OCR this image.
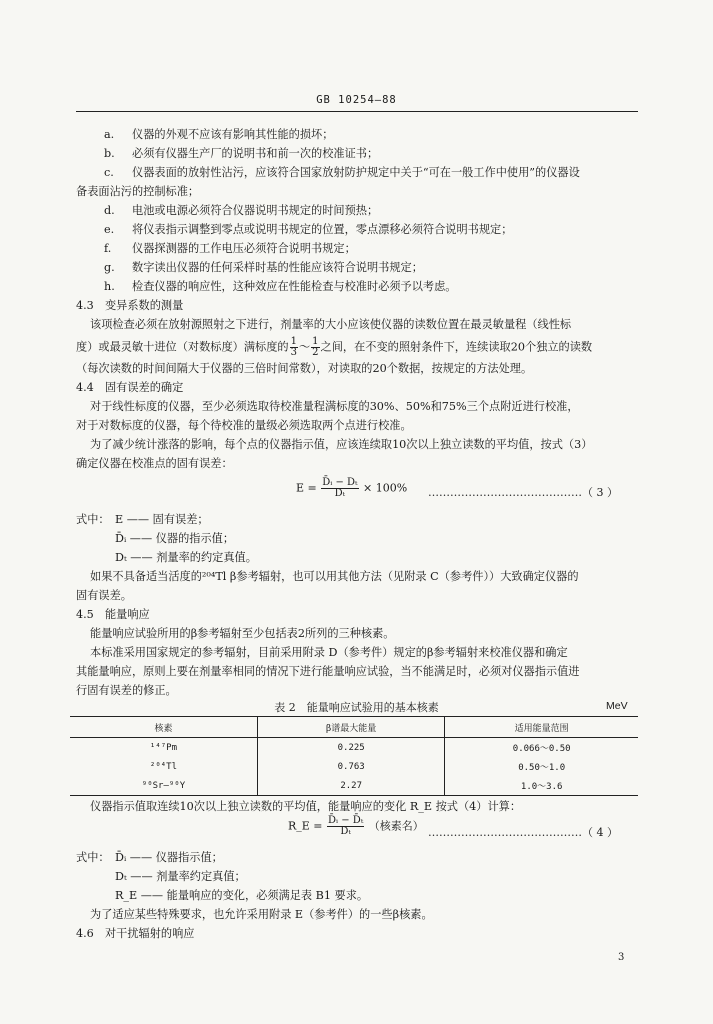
GB 10254—88
a. 仪器的外观不应该有影响其性能的损坏；
b. 必须有仪器生产厂的说明书和前一次的校准证书；
c. 仪器表面的放射性沾污，应该符合国家放射防护规定中关于“可在一般工作中使用”的仪器设
备表面沾污的控制标准；
d. 电池或电源必须符合仪器说明书规定的时间预热；
e. 将仪表指示调整到零点或说明书规定的位置，零点漂移必须符合说明书规定；
f. 仪器探测器的工作电压必须符合说明书规定；
g. 数字读出仪器的任何采样时基的性能应该符合说明书规定；
h. 检查仪器的响应性，这种效应在性能检查与校准时必须予以考虑。
4.3　变异系数的测量
该项检查必须在放射源照射之下进行，剂量率的大小应该使仪器的读数位置在最灵敏量程（线性标
度）或最灵敏十进位（对数标度）满标度的 $\frac{1}{3}$ ～ $\frac{1}{2}$ 之间，在不变的照射条件下，连续读取20个独立的读数
（每次读数的时间间隔大于仪器的三倍时间常数），对读取的20个数据，按规定的方法处理。
4.4　固有误差的确定
对于线性标度的仪器，至少必须选取待校准量程满标度的30%、50%和75%三个点附近进行校准，
对于对数标度的仪器，每个待校准的量级必须选取两个点进行校准。
为了减少统计涨落的影响，每个点的仪器指示值，应该连续取10次以上独立读数的平均值，按式（3）
确定仪器在校准点的固有误差：
$E = \frac{\text{D̄ᵢ − Dₜ}}{\text{Dₜ}} \times 100\%$ ……………………………………（ 3 ）
式中： E —— 固有误差；
D̄ᵢ —— 仪器的指示值；
Dₜ —— 剂量率的约定真值。
如果不具备适当活度的²⁰⁴Tl β参考辐射，也可以用其他方法（见附录 C（参考件））大致确定仪器的
固有误差。
4.5　能量响应
能量响应试验所用的β参考辐射至少包括表2所列的三种核素。
本标准采用国家规定的参考辐射，目前采用附录 D（参考件）规定的β参考辐射来校准仪器和确定
其能量响应，原则上要在剂量率相同的情况下进行能量响应试验，当不能满足时，必须对仪器指示值进
行固有误差的修正。
表 2　能量响应试验用的基本核素	MeV
核素	β谱最大能量	适用能量范围
¹⁴⁷Pm	0.225	0.066～0.50
²⁰⁴Tl	0.763	0.50～1.0
⁹⁰Sr—⁹⁰Y	2.27	1.0～3.6
仪器指示值取连续10次以上独立读数的平均值，能量响应的变化 R_E 按式（4）计算：
R_E = $\frac{\text{D̄ᵢ − D̄ₜ}}{\text{Dₜ}}$ （核素名） ……………………………………（ 4 ）
式中： D̄ᵢ —— 仪器指示值；
Dₜ —— 剂量率约定真值；
R_E —— 能量响应的变化，必须满足表 B1 要求。
为了适应某些特殊要求，也允许采用附录 E（参考件）的一些β核素。
4.6　对干扰辐射的响应
3
